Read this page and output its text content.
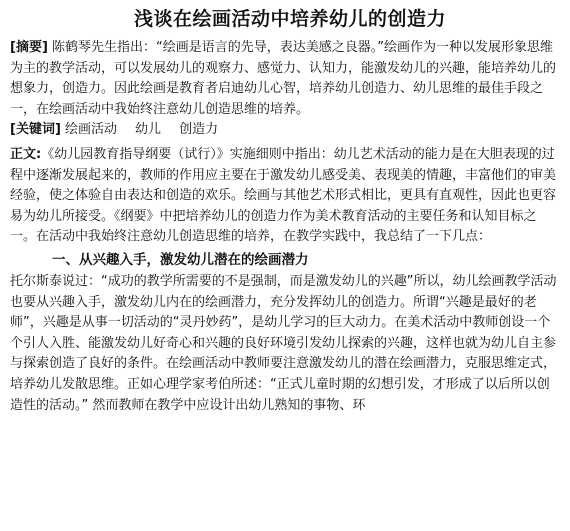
浅谈在绘画活动中培养幼儿的创造力

[摘要] 陈鹤琴先生指出：“绘画是语言的先导，表达美感之良器。”绘画作为一种以发展形象思维为主的教学活动，可以发展幼儿的观察力、感觉力、认知力，能激发幼儿的兴趣，能培养幼儿的想象力，创造力。因此绘画是教育者启迪幼儿心智，培养幼儿创造力、幼儿思维的最佳手段之一，在绘画活动中我始终注意幼儿创造思维的培养。

[关键词] 绘画活动 幼儿 创造力

正文:《幼儿园教育指导纲要（试行）》实施细则中指出：幼儿艺术活动的能力是在大胆表现的过程中逐渐发展起来的，教师的作用应主要在于激发幼儿感受美、表现美的情趣，丰富他们的审美经验，使之体验自由表达和创造的欢乐。绘画与其他艺术形式相比，更具有直观性，因此也更容易为幼儿所接受。《纲要》中把培养幼儿的创造力作为美术教育活动的主要任务和认知目标之一。在活动中我始终注意幼儿创造思维的培养，在教学实践中，我总结了一下几点：

一、从兴趣入手，激发幼儿潜在的绘画潜力

托尔斯泰说过：“成功的教学所需要的不是强制，而是激发幼儿的兴趣”所以，幼儿绘画教学活动也要从兴趣入手，激发幼儿内在的绘画潜力，充分发挥幼儿的创造力。所谓“兴趣是最好的老师”，兴趣是从事一切活动的“灵丹妙药”，是幼儿学习的巨大动力。在美术活动中教师创设一个个引人入胜、能激发幼儿好奇心和兴趣的良好环境引发幼儿探索的兴趣，这样也就为幼儿自主参与探索创造了良好的条件。在绘画活动中教师要注意激发幼儿的潜在绘画潜力，克服思维定式，培养幼儿发散思维。正如心理学家考伯所述：“正式儿童时期的幻想引发，才形成了以后所以创造性的活动。” 然而教师在教学中应设计出幼儿熟知的事物、环
